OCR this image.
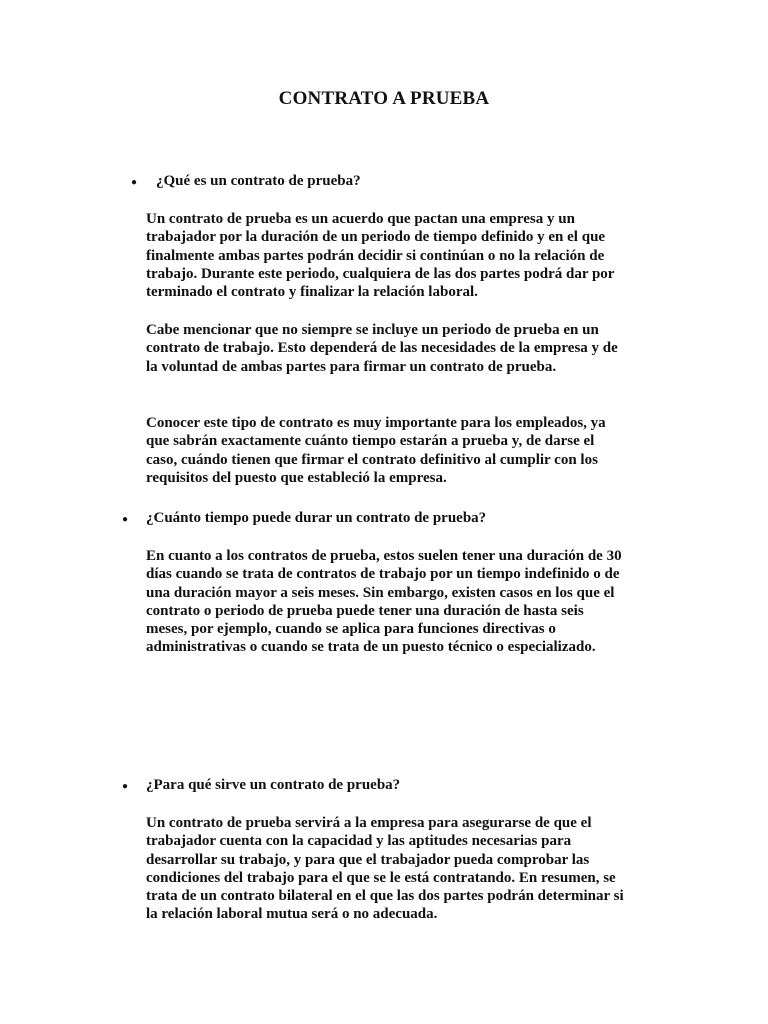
CONTRATO A PRUEBA
● ¿Qué es un contrato de prueba?

Un contrato de prueba es un acuerdo que pactan una empresa y un trabajador por la duración de un periodo de tiempo definido y en el que finalmente ambas partes podrán decidir si continúan o no la relación de trabajo. Durante este periodo, cualquiera de las dos partes podrá dar por terminado el contrato y finalizar la relación laboral.

Cabe mencionar que no siempre se incluye un periodo de prueba en un contrato de trabajo. Esto dependerá de las necesidades de la empresa y de la voluntad de ambas partes para firmar un contrato de prueba.

Conocer este tipo de contrato es muy importante para los empleados, ya que sabrán exactamente cuánto tiempo estarán a prueba y, de darse el caso, cuándo tienen que firmar el contrato definitivo al cumplir con los requisitos del puesto que estableció la empresa.

● ¿Cuánto tiempo puede durar un contrato de prueba?

En cuanto a los contratos de prueba, estos suelen tener una duración de 30 días cuando se trata de contratos de trabajo por un tiempo indefinido o de una duración mayor a seis meses. Sin embargo, existen casos en los que el contrato o periodo de prueba puede tener una duración de hasta seis meses, por ejemplo, cuando se aplica para funciones directivas o administrativas o cuando se trata de un puesto técnico o especializado.

● ¿Para qué sirve un contrato de prueba?

Un contrato de prueba servirá a la empresa para asegurarse de que el trabajador cuenta con la capacidad y las aptitudes necesarias para desarrollar su trabajo, y para que el trabajador pueda comprobar las condiciones del trabajo para el que se le está contratando. En resumen, se trata de un contrato bilateral en el que las dos partes podrán determinar si la relación laboral mutua será o no adecuada.
